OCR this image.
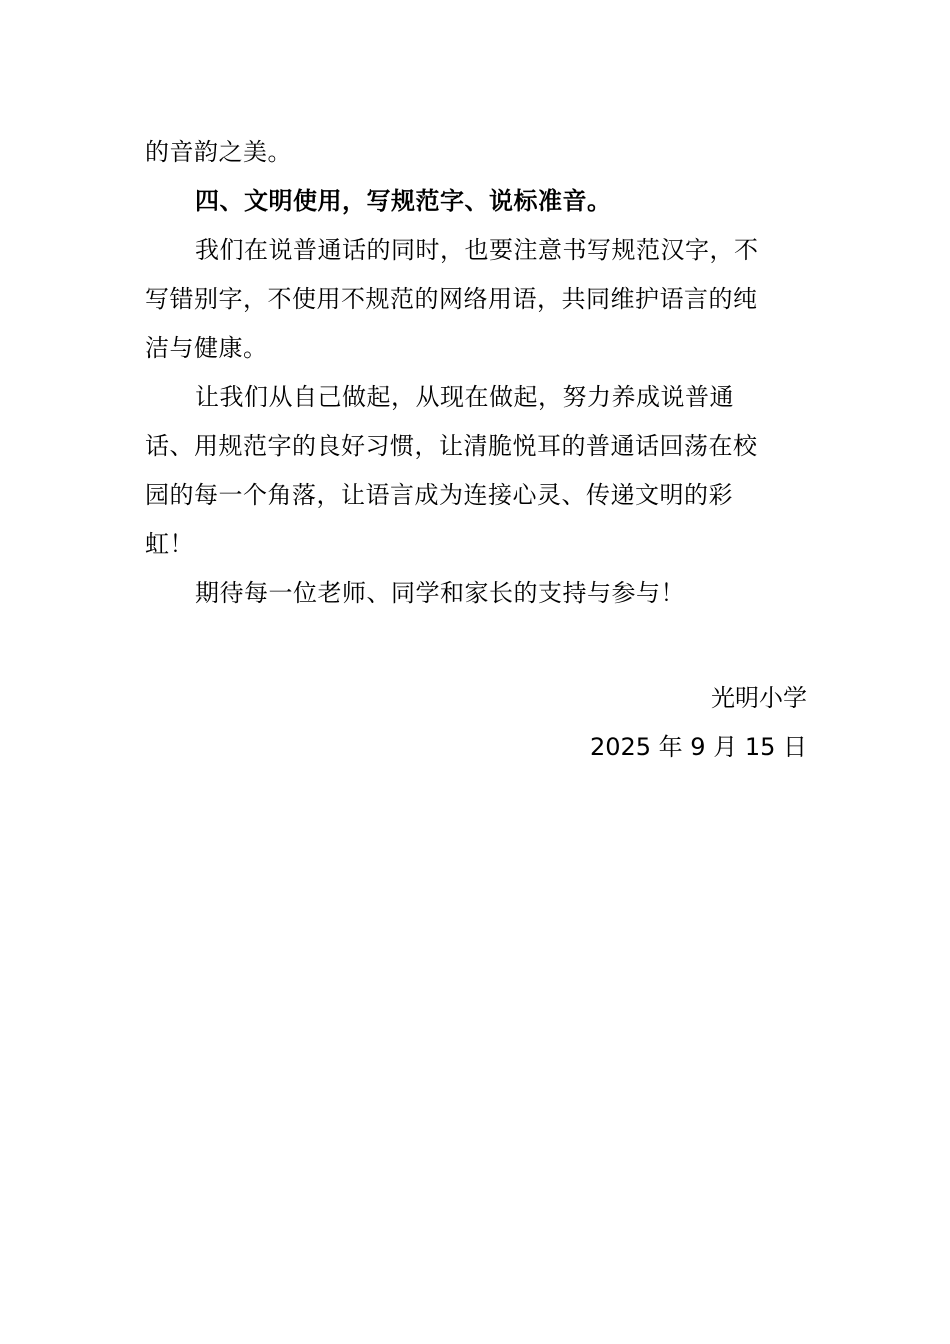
的音韵之美。
四、文明使用，写规范字、说标准音。
我们在说普通话的同时，也要注意书写规范汉字，不
写错别字，不使用不规范的网络用语，共同维护语言的纯
洁与健康。
让我们从自己做起，从现在做起，努力养成说普通
话、用规范字的良好习惯，让清脆悦耳的普通话回荡在校
园的每一个角落，让语言成为连接心灵、传递文明的彩
虹！
期待每一位老师、同学和家长的支持与参与！
光明小学
2025 年 9 月 15 日
